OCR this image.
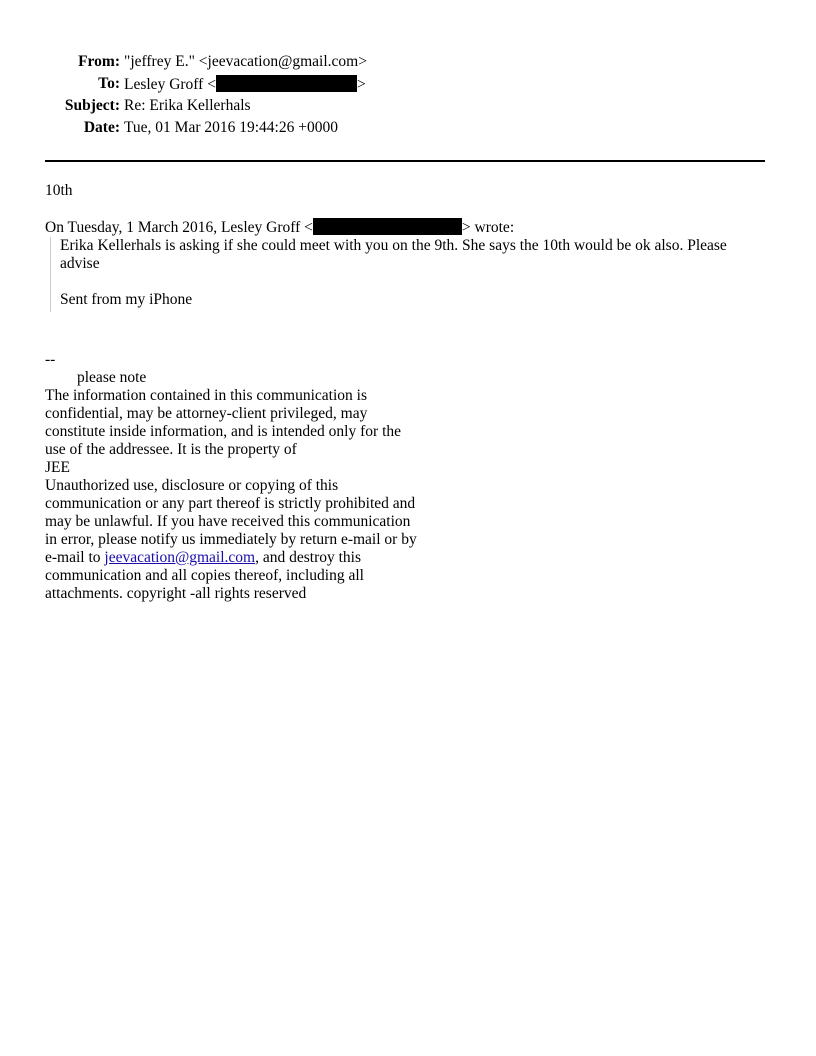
From:	"jeffrey E." <jeevacation@gmail.com>
To:	Lesley Groff < >
Subject:	Re: Erika Kellerhals
Date:	Tue, 01 Mar 2016 19:44:26 +0000

10th

On Tuesday, 1 March 2016, Lesley Groff <	> wrote:

Erika Kellerhals is asking if she could meet with you on the 9th. She says the 10th would be ok also. Please advise

Sent from my iPhone

--

please note

The information contained in this communication is confidential, may be attorney-client privileged, may constitute inside information, and is intended only for the use of the addressee. It is the property of

JEE

Unauthorized use, disclosure or copying of this communication or any part thereof is strictly prohibited and may be unlawful. If you have received this communication in error, please notify us immediately by return e-mail or by e-mail to jeevacation@gmail.com, and destroy this communication and all copies thereof, including all attachments. copyright -all rights reserved
